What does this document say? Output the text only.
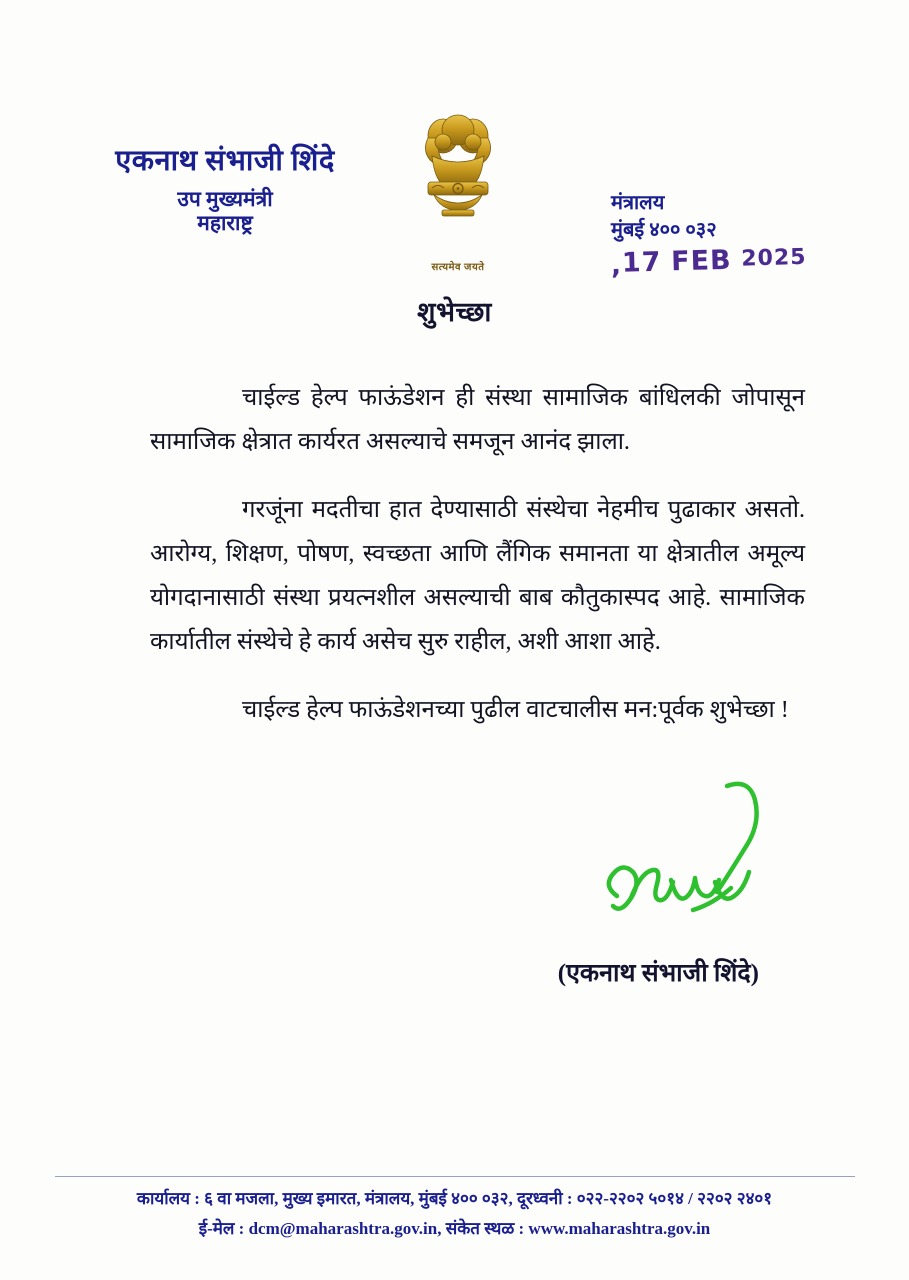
एकनाथ संभाजी शिंदे
उप मुख्यमंत्री
महाराष्ट्र
सत्यमेव जयते
मंत्रालय
मुंबई ४०० ०३२
,17 FEB 2025
शुभेच्छा

चाईल्ड हेल्प फाऊंडेशन ही संस्था सामाजिक बांधिलकी जोपासून सामाजिक क्षेत्रात कार्यरत असल्याचे समजून आनंद झाला.

गरजूंना मदतीचा हात देण्यासाठी संस्थेचा नेहमीच पुढाकार असतो. आरोग्य, शिक्षण, पोषण, स्वच्छता आणि लैंगिक समानता या क्षेत्रातील अमूल्य योगदानासाठी संस्था प्रयत्नशील असल्याची बाब कौतुकास्पद आहे. सामाजिक कार्यातील संस्थेचे हे कार्य असेच सुरु राहील, अशी आशा आहे.

चाईल्ड हेल्प फाऊंडेशनच्या पुढील वाटचालीस मन:पूर्वक शुभेच्छा !

(एकनाथ संभाजी शिंदे)
कार्यालय : ६ वा मजला, मुख्य इमारत, मंत्रालय, मुंबई ४०० ०३२, दूरध्वनी : ०२२-२२०२ ५०१४ / २२०२ २४०१
ई-मेल : dcm@maharashtra.gov.in, संकेत स्थळ : www.maharashtra.gov.in
